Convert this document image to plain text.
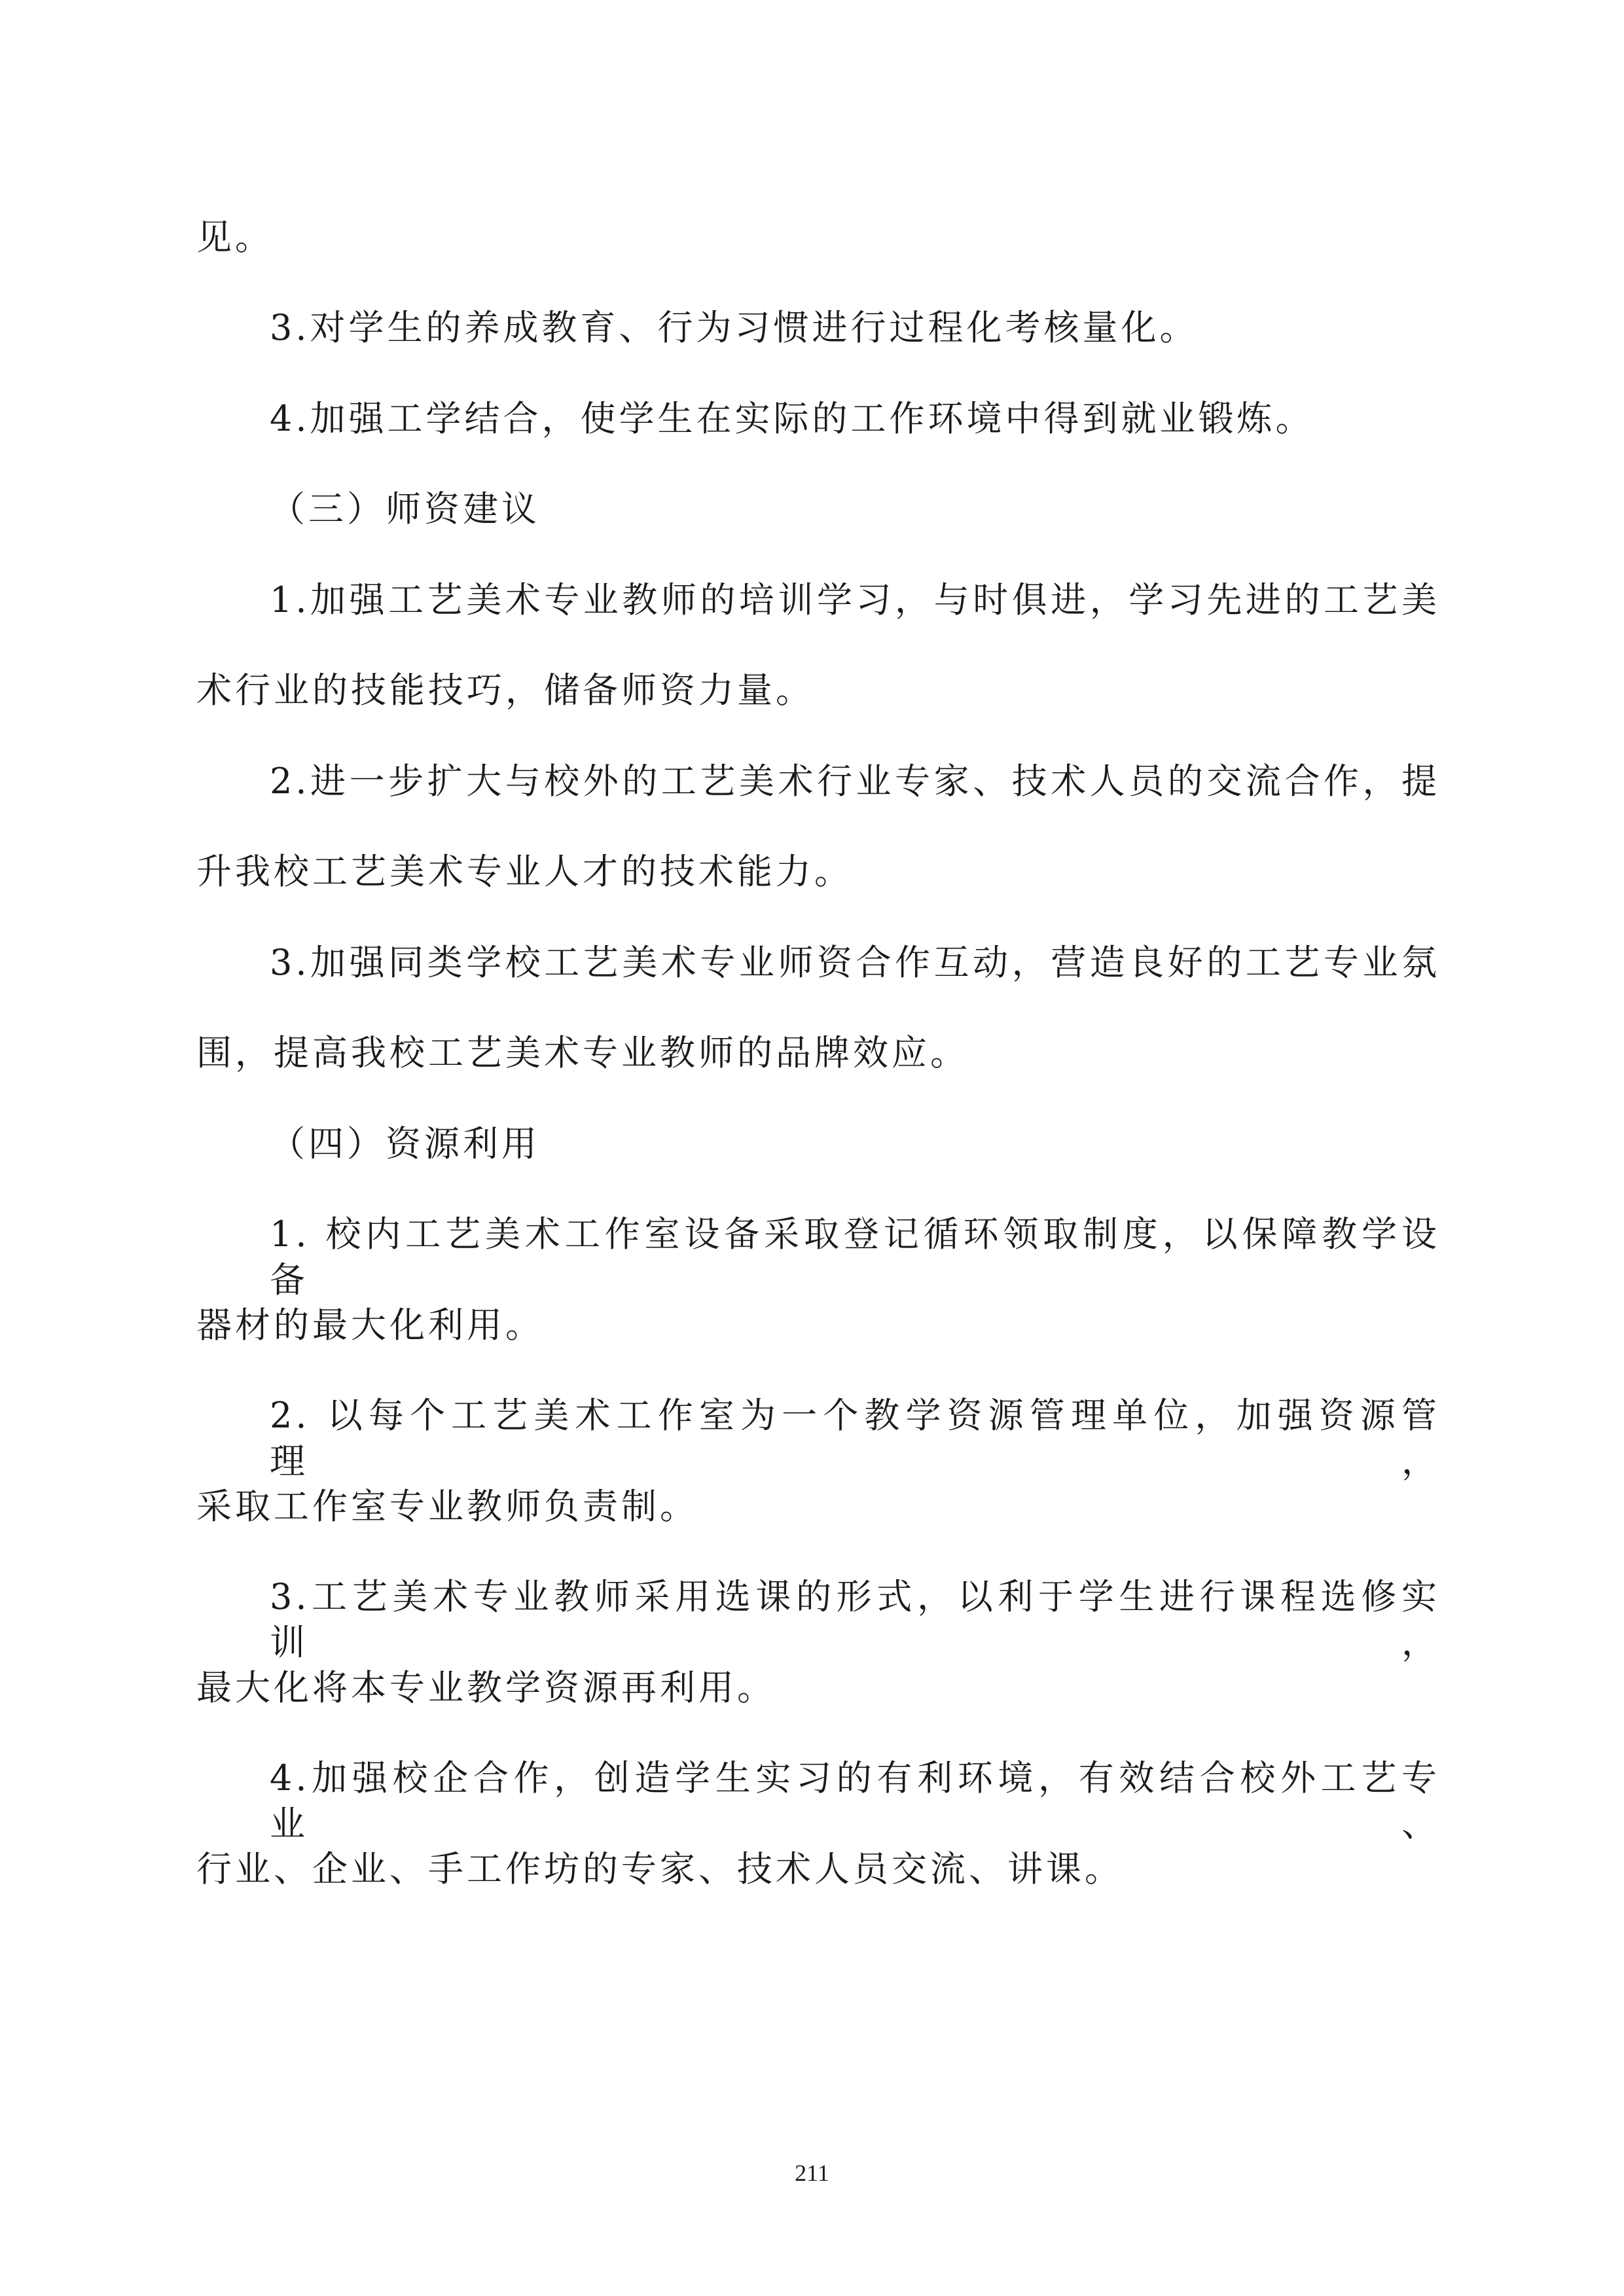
见。
3.对学生的养成教育、行为习惯进行过程化考核量化。
4.加强工学结合，使学生在实际的工作环境中得到就业锻炼。
（三）师资建议
1.加强工艺美术专业教师的培训学习，与时俱进，学习先进的工艺美
术行业的技能技巧，储备师资力量。
2.进一步扩大与校外的工艺美术行业专家、技术人员的交流合作，提
升我校工艺美术专业人才的技术能力。
3.加强同类学校工艺美术专业师资合作互动，营造良好的工艺专业氛
围，提高我校工艺美术专业教师的品牌效应。
（四）资源利用
1. 校内工艺美术工作室设备采取登记循环领取制度，以保障教学设备
器材的最大化利用。
2. 以每个工艺美术工作室为一个教学资源管理单位，加强资源管理，
采取工作室专业教师负责制。
3.工艺美术专业教师采用选课的形式，以利于学生进行课程选修实训，
最大化将本专业教学资源再利用。
4.加强校企合作，创造学生实习的有利环境，有效结合校外工艺专业、
行业、企业、手工作坊的专家、技术人员交流、讲课。
211
